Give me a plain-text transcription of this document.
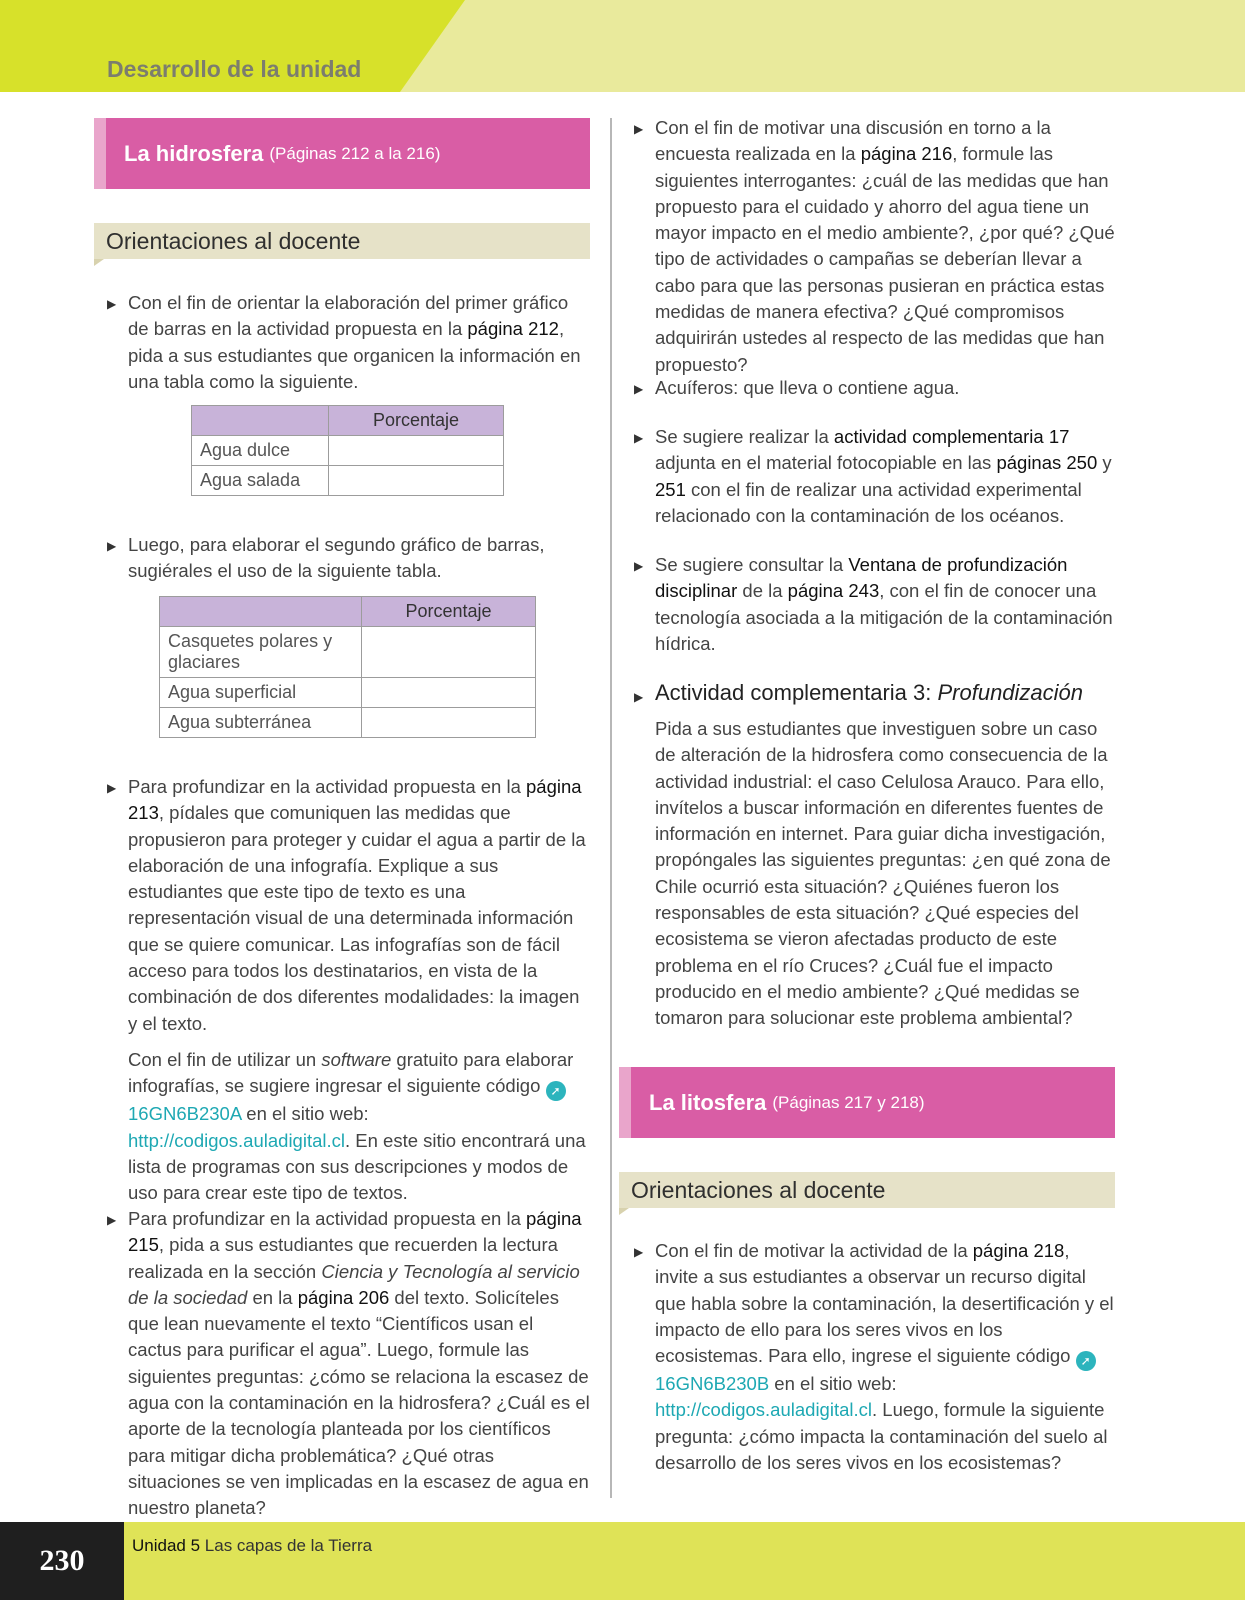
Desarrollo de la unidad
La hidrosfera (Páginas 212 a la 216)
Orientaciones al docente

▶ Con el fin de orientar la elaboración del primer gráfico de barras en la actividad propuesta en la página 212, pida a sus estudiantes que organicen la información en una tabla como la siguiente.

	Porcentaje
Agua dulce	
Agua salada	

▶ Luego, para elaborar el segundo gráfico de barras, sugiérales el uso de la siguiente tabla.

	Porcentaje
Casquetes polares y glaciares	
Agua superficial	
Agua subterránea	

▶ Para profundizar en la actividad propuesta en la página 213, pídales que comuniquen las medidas que propusieron para proteger y cuidar el agua a partir de la elaboración de una infografía. Explique a sus estudiantes que este tipo de texto es una representación visual de una determinada información que se quiere comunicar. Las infografías son de fácil acceso para todos los destinatarios, en vista de la combinación de dos diferentes modalidades: la imagen y el texto.

Con el fin de utilizar un software gratuito para elaborar infografías, se sugiere ingresar el siguiente código ➚16GN6B230A en el sitio web: http://codigos.auladigital.cl. En este sitio encontrará una lista de programas con sus descripciones y modos de uso para crear este tipo de textos.

▶ Para profundizar en la actividad propuesta en la página 215, pida a sus estudiantes que recuerden la lectura realizada en la sección Ciencia y Tecnología al servicio de la sociedad en la página 206 del texto. Solicíteles que lean nuevamente el texto “Científicos usan el cactus para purificar el agua”. Luego, formule las siguientes preguntas: ¿cómo se relaciona la escasez de agua con la contaminación en la hidrosfera? ¿Cuál es el aporte de la tecnología planteada por los científicos para mitigar dicha problemática? ¿Qué otras situaciones se ven implicadas en la escasez de agua en nuestro planeta?

▶ Con el fin de motivar una discusión en torno a la encuesta realizada en la página 216, formule las siguientes interrogantes: ¿cuál de las medidas que han propuesto para el cuidado y ahorro del agua tiene un mayor impacto en el medio ambiente?, ¿por qué? ¿Qué tipo de actividades o campañas se deberían llevar a cabo para que las personas pusieran en práctica estas medidas de manera efectiva? ¿Qué compromisos adquirirán ustedes al respecto de las medidas que han propuesto?

▶ Acuíferos: que lleva o contiene agua.

▶ Se sugiere realizar la actividad complementaria 17 adjunta en el material fotocopiable en las páginas 250 y 251 con el fin de realizar una actividad experimental relacionado con la contaminación de los océanos.

▶ Se sugiere consultar la Ventana de profundización disciplinar de la página 243, con el fin de conocer una tecnología asociada a la mitigación de la contaminación hídrica.

▶ Actividad complementaria 3: Profundización

Pida a sus estudiantes que investiguen sobre un caso de alteración de la hidrosfera como consecuencia de la actividad industrial: el caso Celulosa Arauco. Para ello, invítelos a buscar información en diferentes fuentes de información en internet. Para guiar dicha investigación, propóngales las siguientes preguntas: ¿en qué zona de Chile ocurrió esta situación? ¿Quiénes fueron los responsables de esta situación? ¿Qué especies del ecosistema se vieron afectadas producto de este problema en el río Cruces? ¿Cuál fue el impacto producido en el medio ambiente? ¿Qué medidas se tomaron para solucionar este problema ambiental?
La litosfera (Páginas 217 y 218)
Orientaciones al docente

▶ Con el fin de motivar la actividad de la página 218, invite a sus estudiantes a observar un recurso digital que habla sobre la contaminación, la desertificación y el impacto de ello para los seres vivos en los ecosistemas. Para ello, ingrese el siguiente código ➚16GN6B230B en el sitio web: http://codigos.auladigital.cl. Luego, formule la siguiente pregunta: ¿cómo impacta la contaminación del suelo al desarrollo de los seres vivos en los ecosistemas?

230	Unidad 5 Las capas de la Tierra
